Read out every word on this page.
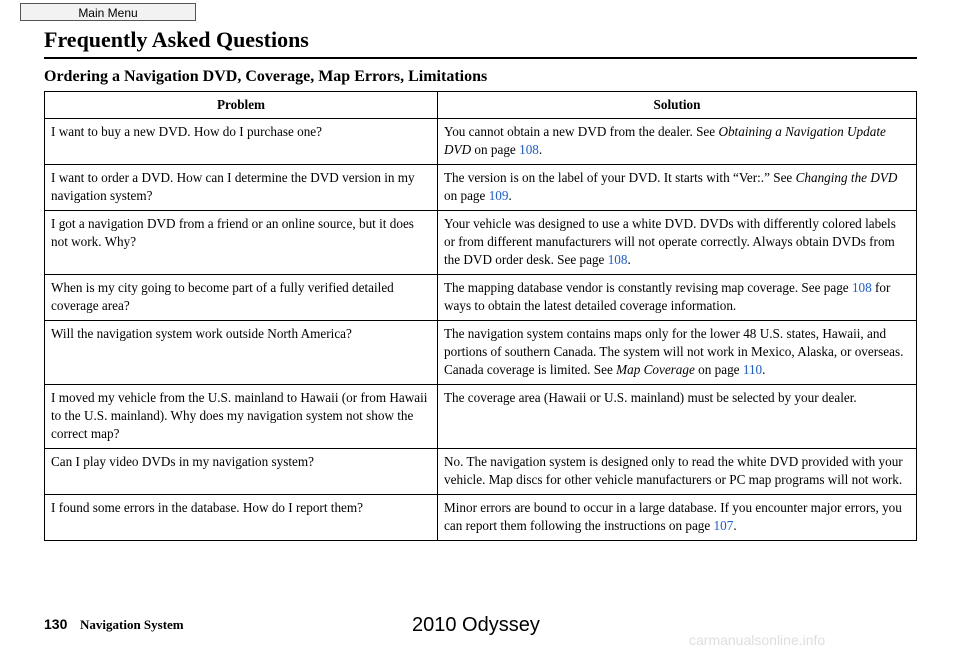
Main Menu
Frequently Asked Questions
Ordering a Navigation DVD, Coverage, Map Errors, Limitations
Problem	Solution
I want to buy a new DVD. How do I purchase one?	You cannot obtain a new DVD from the dealer. See Obtaining a Navigation Update DVD on page 108.
I want to order a DVD. How can I determine the DVD version in my navigation system?	The version is on the label of your DVD. It starts with “Ver:.” See Changing the DVD on page 109.
I got a navigation DVD from a friend or an online source, but it does not work. Why?	Your vehicle was designed to use a white DVD. DVDs with differently colored labels or from different manufacturers will not operate correctly. Always obtain DVDs from the DVD order desk. See page 108.
When is my city going to become part of a fully verified detailed coverage area?	The mapping database vendor is constantly revising map coverage. See page 108 for ways to obtain the latest detailed coverage information.
Will the navigation system work outside North America?	The navigation system contains maps only for the lower 48 U.S. states, Hawaii, and portions of southern Canada. The system will not work in Mexico, Alaska, or overseas. Canada coverage is limited. See Map Coverage on page 110.
I moved my vehicle from the U.S. mainland to Hawaii (or from Hawaii to the U.S. mainland). Why does my navigation system not show the correct map?	The coverage area (Hawaii or U.S. mainland) must be selected by your dealer.
Can I play video DVDs in my navigation system?	No. The navigation system is designed only to read the white DVD provided with your vehicle. Map discs for other vehicle manufacturers or PC map programs will not work.
I found some errors in the database. How do I report them?	Minor errors are bound to occur in a large database. If you encounter major errors, you can report them following the instructions on page 107.
130 Navigation System	2010 Odyssey
carmanualsonline.info
